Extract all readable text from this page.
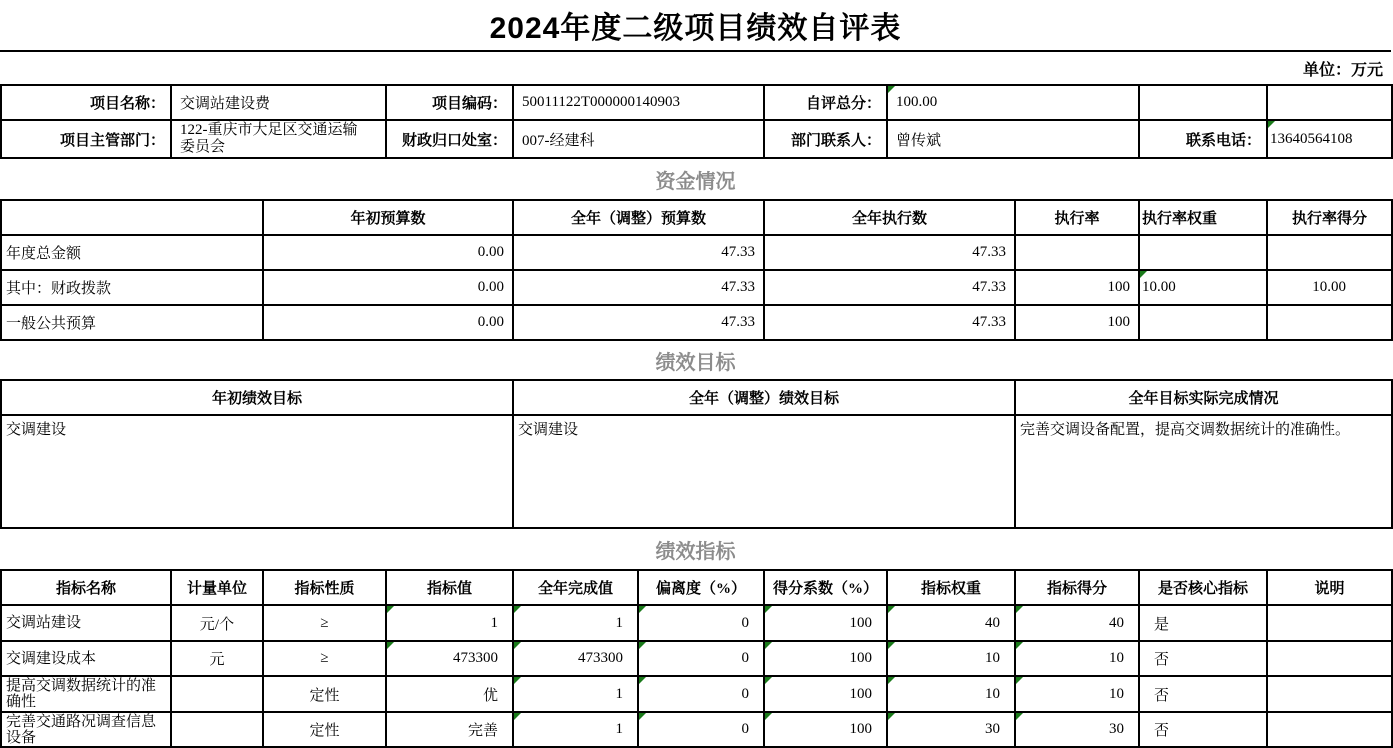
2024年度二级项目绩效自评表
单位：万元
项目名称：	交调站建设费	项目编码：	50011122T000000140903	自评总分：	100.00		
项目主管部门：	122-重庆市大足区交通运输委员会	财政归口处室：	007-经建科	部门联系人：	曾传斌	联系电话：	13640564108
资金情况
	年初预算数	全年（调整）预算数	全年执行数	执行率	执行率权重	执行率得分
年度总金额	0.00	47.33	47.33			
其中：财政拨款	0.00	47.33	47.33	100	10.00	10.00
一般公共预算	0.00	47.33	47.33	100		
绩效目标
年初绩效目标	全年（调整）绩效目标	全年目标实际完成情况
交调建设	交调建设	完善交调设备配置，提高交调数据统计的准确性。
绩效指标
指标名称	计量单位	指标性质	指标值	全年完成值	偏离度（%）	得分系数（%）	指标权重	指标得分	是否核心指标	说明
交调站建设	元/个	≥	1	1	0	100	40	40	是	
交调建设成本	元	≥	473300	473300	0	100	10	10	否	
提高交调数据统计的准确性		定性	优	1	0	100	10	10	否	
完善交通路况调查信息设备		定性	完善	1	0	100	30	30	否	
